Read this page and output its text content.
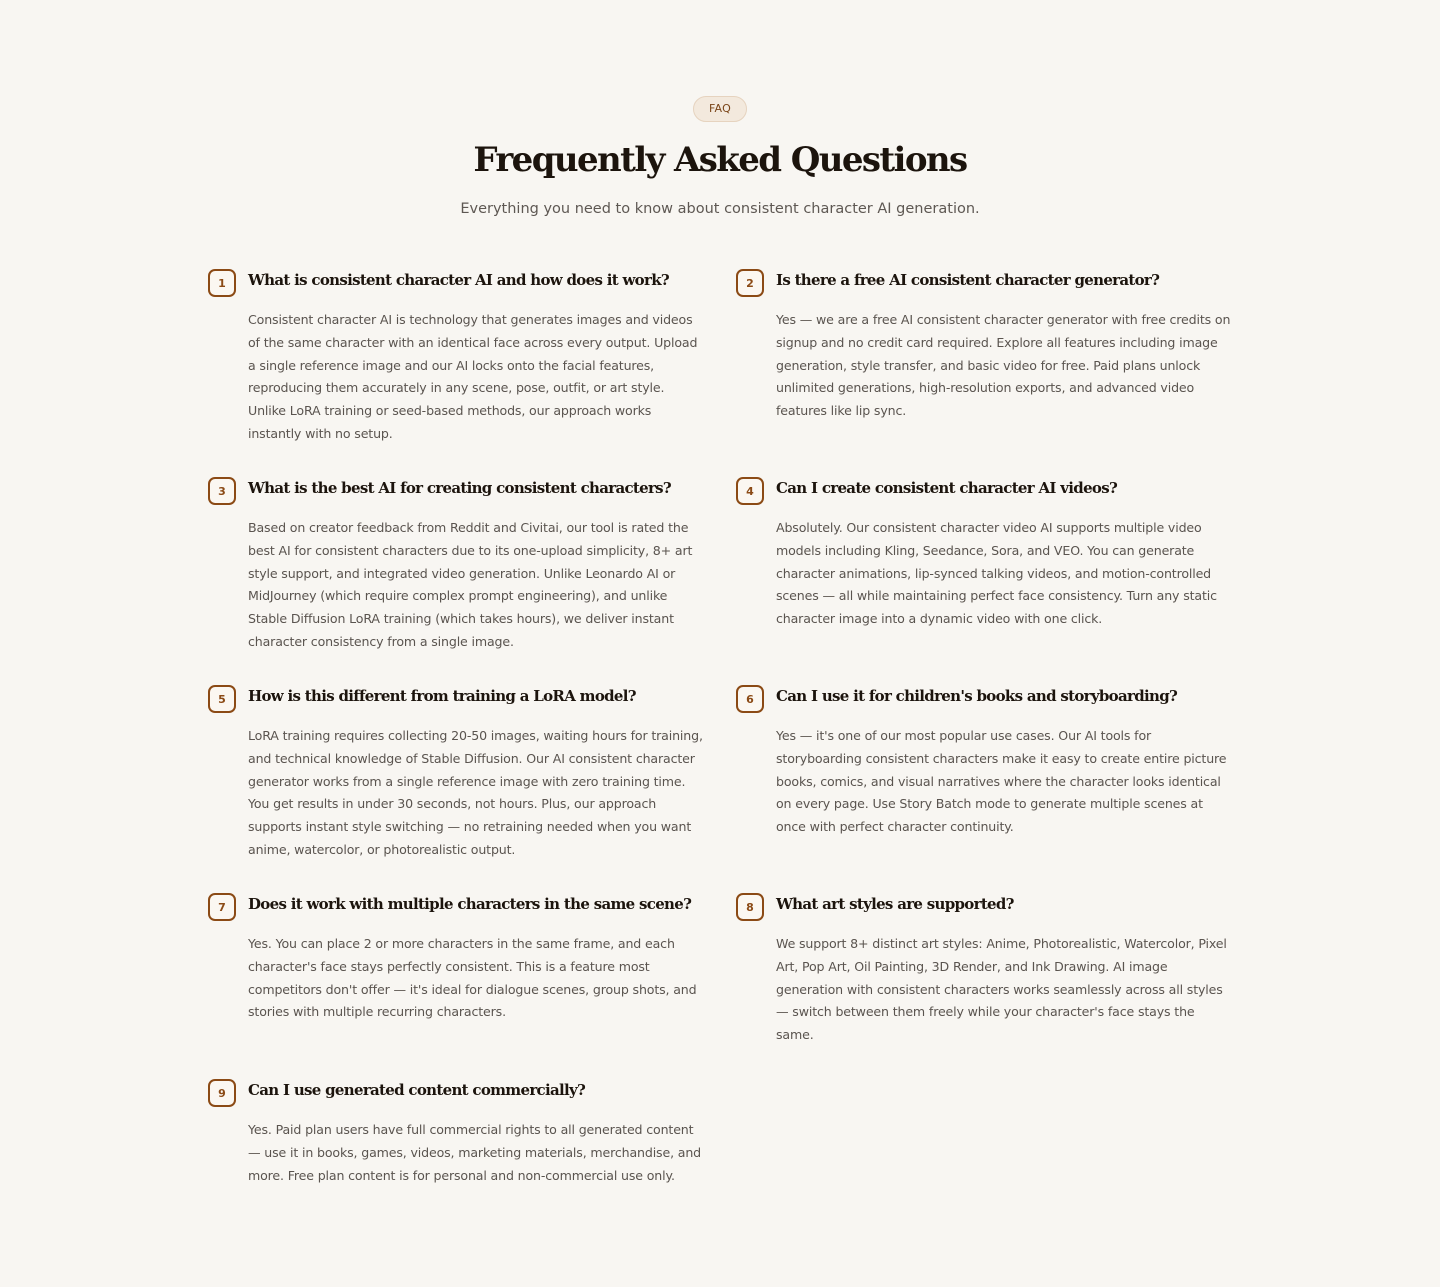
FAQ
Frequently Asked Questions

Everything you need to know about consistent character AI generation.

1	What is consistent character AI and how does it work?

Consistent character AI is technology that generates images and videos of the same character with an identical face across every output. Upload a single reference image and our AI locks onto the facial features, reproducing them accurately in any scene, pose, outfit, or art style. Unlike LoRA training or seed-based methods, our approach works instantly with no setup.

2	Is there a free AI consistent character generator?

Yes — we are a free AI consistent character generator with free credits on signup and no credit card required. Explore all features including image generation, style transfer, and basic video for free. Paid plans unlock unlimited generations, high-resolution exports, and advanced video features like lip sync.

3	What is the best AI for creating consistent characters?

Based on creator feedback from Reddit and Civitai, our tool is rated the best AI for consistent characters due to its one-upload simplicity, 8+ art style support, and integrated video generation. Unlike Leonardo AI or MidJourney (which require complex prompt engineering), and unlike Stable Diffusion LoRA training (which takes hours), we deliver instant character consistency from a single image.

4	Can I create consistent character AI videos?

Absolutely. Our consistent character video AI supports multiple video models including Kling, Seedance, Sora, and VEO. You can generate character animations, lip-synced talking videos, and motion-controlled scenes — all while maintaining perfect face consistency. Turn any static character image into a dynamic video with one click.

5	How is this different from training a LoRA model?

LoRA training requires collecting 20-50 images, waiting hours for training, and technical knowledge of Stable Diffusion. Our AI consistent character generator works from a single reference image with zero training time. You get results in under 30 seconds, not hours. Plus, our approach supports instant style switching — no retraining needed when you want anime, watercolor, or photorealistic output.

6	Can I use it for children's books and storyboarding?

Yes — it's one of our most popular use cases. Our AI tools for storyboarding consistent characters make it easy to create entire picture books, comics, and visual narratives where the character looks identical on every page. Use Story Batch mode to generate multiple scenes at once with perfect character continuity.

7	Does it work with multiple characters in the same scene?

Yes. You can place 2 or more characters in the same frame, and each character's face stays perfectly consistent. This is a feature most competitors don't offer — it's ideal for dialogue scenes, group shots, and stories with multiple recurring characters.

8	What art styles are supported?

We support 8+ distinct art styles: Anime, Photorealistic, Watercolor, Pixel Art, Pop Art, Oil Painting, 3D Render, and Ink Drawing. AI image generation with consistent characters works seamlessly across all styles — switch between them freely while your character's face stays the same.

9	Can I use generated content commercially?

Yes. Paid plan users have full commercial rights to all generated content — use it in books, games, videos, marketing materials, merchandise, and more. Free plan content is for personal and non-commercial use only.
